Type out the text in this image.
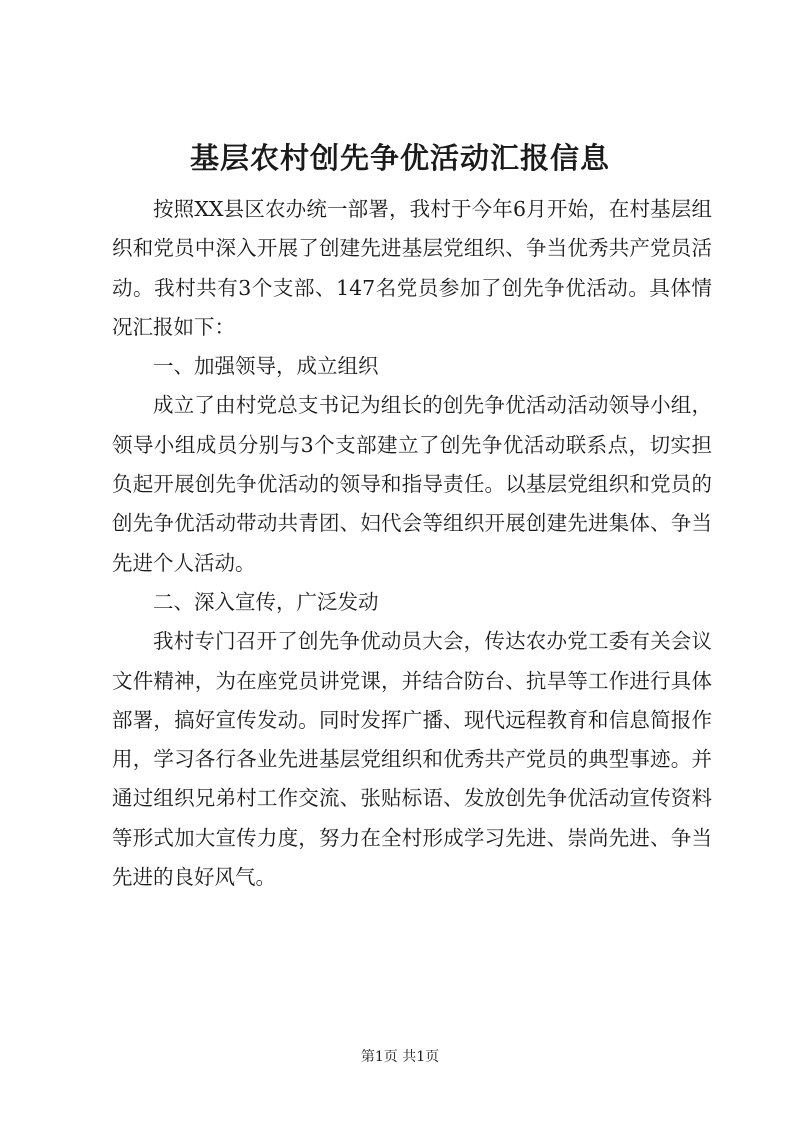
基层农村创先争优活动汇报信息

按照XX县区农办统一部署，我村于今年6月开始，在村基层组织和党员中深入开展了创建先进基层党组织、争当优秀共产党员活动。我村共有3个支部、147名党员参加了创先争优活动。具体情况汇报如下：

一、加强领导，成立组织

成立了由村党总支书记为组长的创先争优活动活动领导小组，领导小组成员分别与3个支部建立了创先争优活动联系点，切实担负起开展创先争优活动的领导和指导责任。以基层党组织和党员的创先争优活动带动共青团、妇代会等组织开展创建先进集体、争当先进个人活动。

二、深入宣传，广泛发动

我村专门召开了创先争优动员大会，传达农办党工委有关会议文件精神，为在座党员讲党课，并结合防台、抗旱等工作进行具体部署，搞好宣传发动。同时发挥广播、现代远程教育和信息简报作用，学习各行各业先进基层党组织和优秀共产党员的典型事迹。并通过组织兄弟村工作交流、张贴标语、发放创先争优活动宣传资料等形式加大宣传力度，努力在全村形成学习先进、崇尚先进、争当先进的良好风气。

第1页 共1页
